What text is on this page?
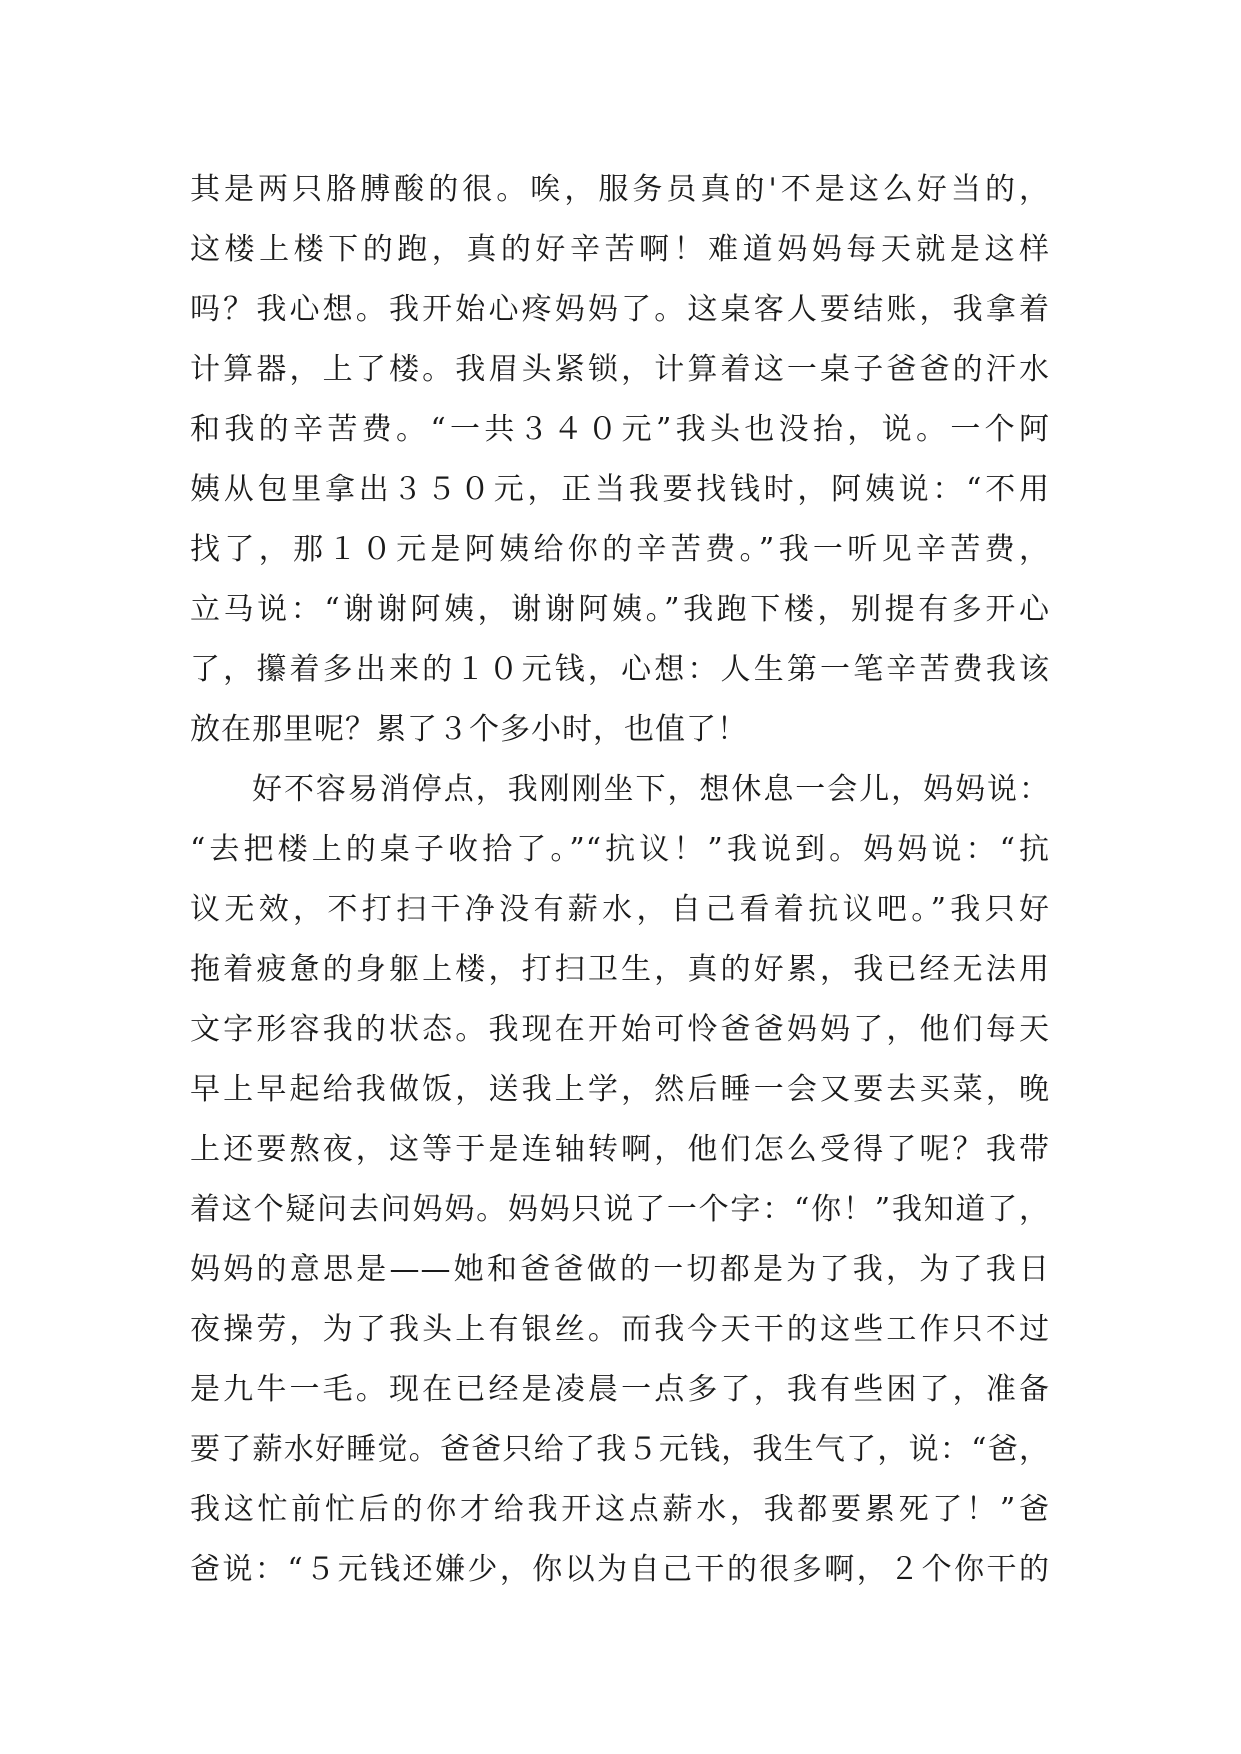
其是两只胳膊酸的很。唉，服务员真的'不是这么好当的，
这楼上楼下的跑，真的好辛苦啊！难道妈妈每天就是这样
吗？我心想。我开始心疼妈妈了。这桌客人要结账，我拿着
计算器，上了楼。我眉头紧锁，计算着这一桌子爸爸的汗水
和我的辛苦费。“一共３４０元”我头也没抬，说。一个阿
姨从包里拿出３５０元，正当我要找钱时，阿姨说：“不用
找了，那１０元是阿姨给你的辛苦费。”我一听见辛苦费，
立马说：“谢谢阿姨，谢谢阿姨。”我跑下楼，别提有多开心
了，攥着多出来的１０元钱，心想：人生第一笔辛苦费我该
放在那里呢？累了３个多小时，也值了！
好不容易消停点，我刚刚坐下，想休息一会儿，妈妈说：
“去把楼上的桌子收拾了。”“抗议！”我说到。妈妈说：“抗
议无效，不打扫干净没有薪水，自己看着抗议吧。”我只好
拖着疲惫的身躯上楼，打扫卫生，真的好累，我已经无法用
文字形容我的状态。我现在开始可怜爸爸妈妈了，他们每天
早上早起给我做饭，送我上学，然后睡一会又要去买菜，晚
上还要熬夜，这等于是连轴转啊，他们怎么受得了呢？我带
着这个疑问去问妈妈。妈妈只说了一个字：“你！”我知道了，
妈妈的意思是——她和爸爸做的一切都是为了我，为了我日
夜操劳，为了我头上有银丝。而我今天干的这些工作只不过
是九牛一毛。现在已经是凌晨一点多了，我有些困了，准备
要了薪水好睡觉。爸爸只给了我５元钱，我生气了，说：“爸，
我这忙前忙后的你才给我开这点薪水，我都要累死了！”爸
爸说：“５元钱还嫌少，你以为自己干的很多啊，２个你干的
